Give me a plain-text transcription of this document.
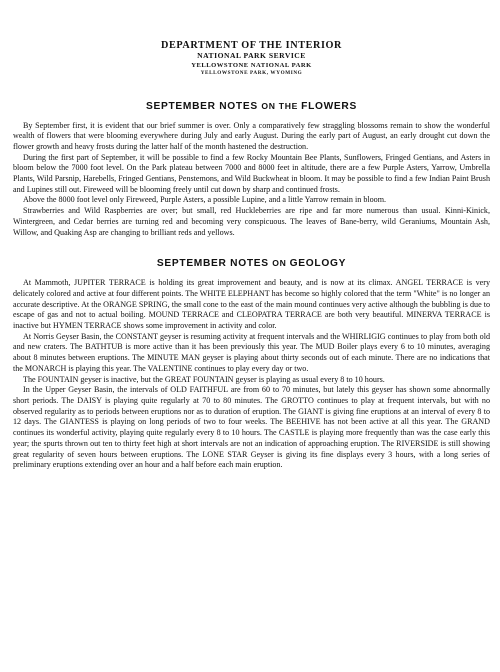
DEPARTMENT OF THE INTERIOR
NATIONAL PARK SERVICE
YELLOWSTONE NATIONAL PARK
YELLOWSTONE PARK, WYOMING
SEPTEMBER NOTES ON THE FLOWERS

By September first, it is evident that our brief summer is over. Only a comparatively few straggling blossoms remain to show the wonderful wealth of flowers that were blooming everywhere during July and early August. During the early part of August, an early drought cut down the flower growth and heavy frosts during the latter half of the month hastened the destruction.

During the first part of September, it will be possible to find a few Rocky Mountain Bee Plants, Sunflowers, Fringed Gentians, and Asters in bloom below the 7000 foot level. On the Park plateau between 7000 and 8000 feet in altitude, there are a few Purple Asters, Yarrow, Umbrella Plants, Wild Parsnip, Harebells, Fringed Gentians, Penstemons, and Wild Buckwheat in bloom. It may be possible to find a few Indian Paint Brush and Lupines still out. Fireweed will be blooming freely until cut down by sharp and continued frosts.

Above the 8000 foot level only Fireweed, Purple Asters, a possible Lupine, and a little Yarrow remain in bloom.

Strawberries and Wild Raspberries are over; but small, red Huckleberries are ripe and far more numerous than usual. Kinni-Kinick, Wintergreen, and Cedar berries are turning red and becoming very conspicuous. The leaves of Bane-berry, wild Geraniums, Mountain Ash, Willow, and Quaking Asp are changing to brilliant reds and yellows.

SEPTEMBER NOTES ON GEOLOGY

At Mammoth, JUPITER TERRACE is holding its great improvement and beauty, and is now at its climax. ANGEL TERRACE is very delicately colored and active at four different points. The WHITE ELEPHANT has become so highly colored that the term "White" is no longer an accurate descriptive. At the ORANGE SPRING, the small cone to the east of the main mound continues very active although the bubbling is due to escape of gas and not to actual boiling. MOUND TERRACE and CLEOPATRA TERRACE are both very beautiful. MINERVA TERRACE is inactive but HYMEN TERRACE shows some improvement in activity and color.

At Norris Geyser Basin, the CONSTANT geyser is resuming activity at frequent intervals and the WHIRLIGIG continues to play from both old and new craters. The BATHTUB is more active than it has been previously this year. The MUD Boiler plays every 6 to 10 minutes, averaging about 8 minutes between eruptions. The MINUTE MAN geyser is playing about thirty seconds out of each minute. There are no indications that the MONARCH is playing this year. The VALENTINE continues to play every day or two.

The FOUNTAIN geyser is inactive, but the GREAT FOUNTAIN geyser is playing as usual every 8 to 10 hours.

In the Upper Geyser Basin, the intervals of OLD FAITHFUL are from 60 to 70 minutes, but lately this geyser has shown some abnormally short periods. The DAISY is playing quite regularly at 70 to 80 minutes. The GROTTO continues to play at frequent intervals, but with no observed regularity as to periods between eruptions nor as to duration of eruption. The GIANT is giving fine eruptions at an interval of every 8 to 12 days. The GIANTESS is playing on long periods of two to four weeks. The BEEHIVE has not been active at all this year. The GRAND continues its wonderful activity, playing quite regularly every 8 to 10 hours. The CASTLE is playing more frequently than was the case early this year; the spurts thrown out ten to thirty feet high at short intervals are not an indication of approaching eruption. The RIVERSIDE is still showing great regularity of seven hours between eruptions. The LONE STAR Geyser is giving its fine displays every 3 hours, with a long series of preliminary eruptions extending over an hour and a half before each main eruption.
